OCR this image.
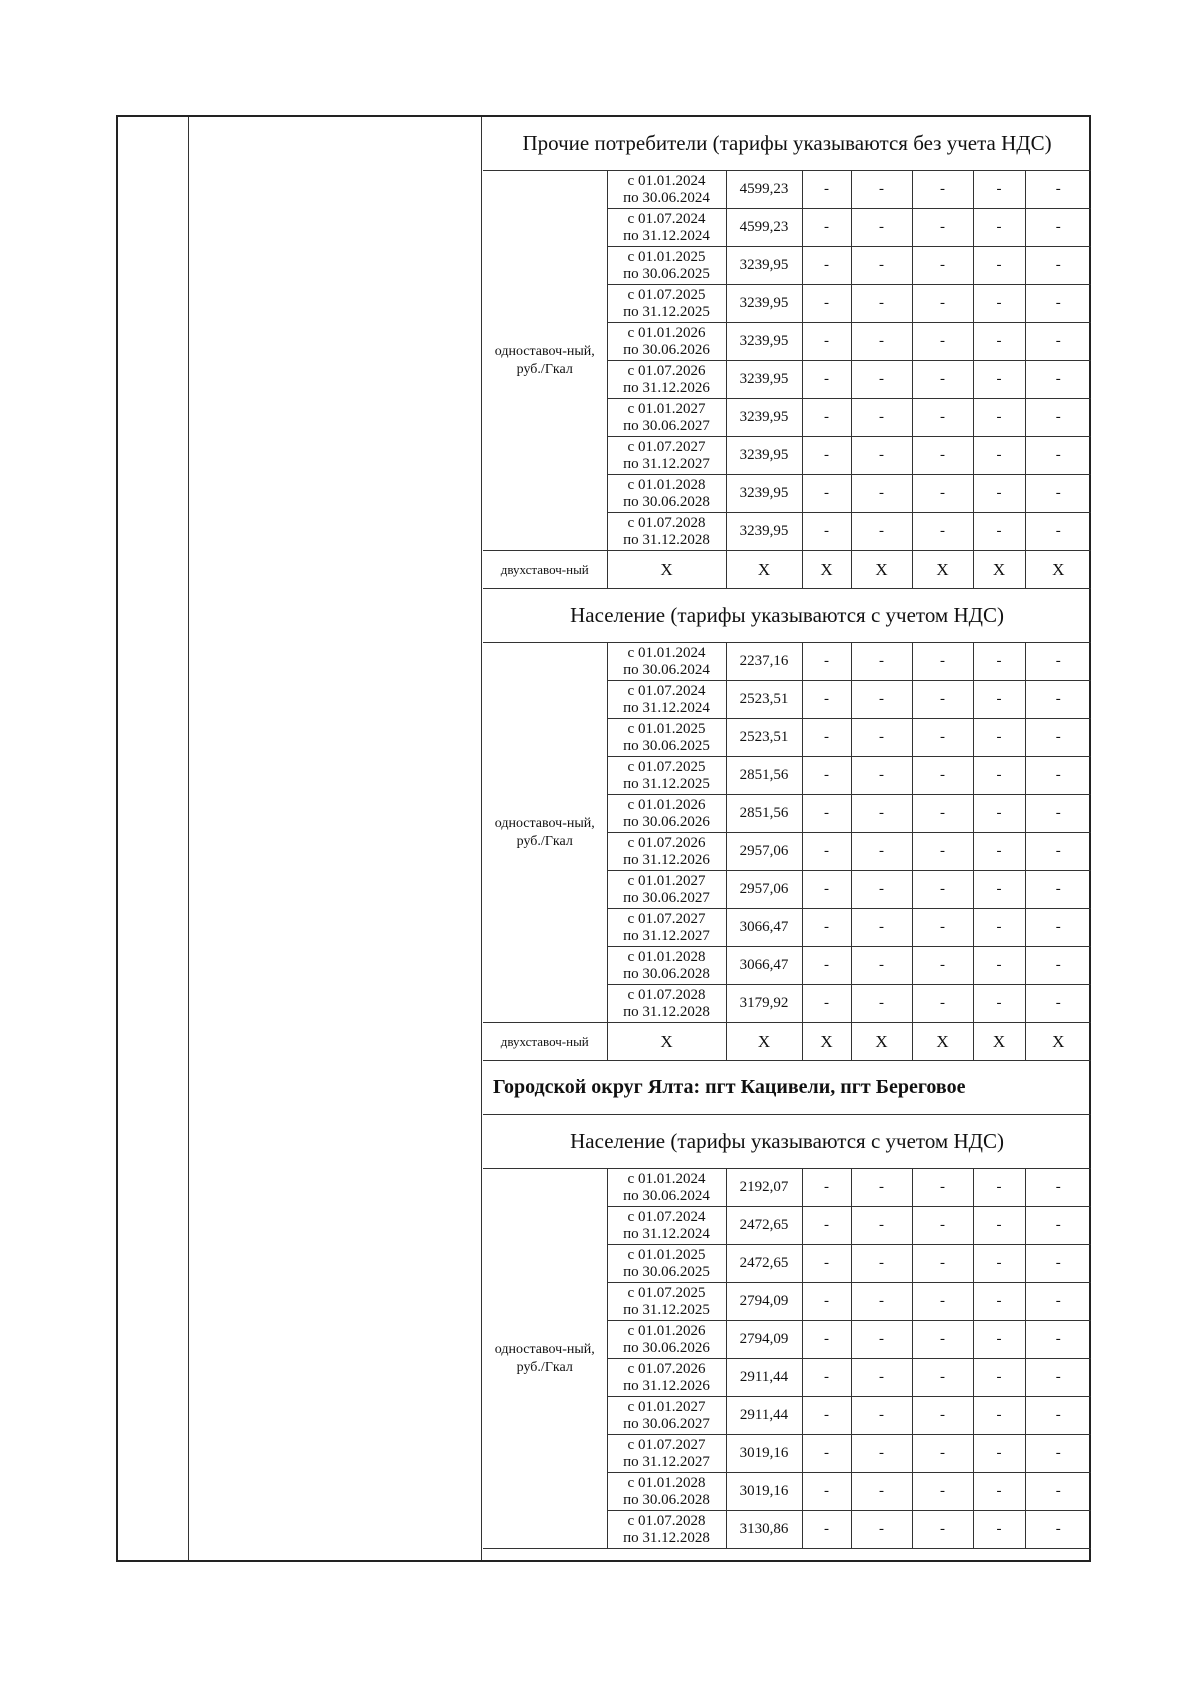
Прочие потребители (тарифы указываются без учета НДС)							
одноставоч-ный, руб./Гкал	с 01.01.2024
по 30.06.2024	4599,23	-	-	-	-	-
	с 01.07.2024
по 31.12.2024	4599,23	-	-	-	-	-
	с 01.01.2025
по 30.06.2025	3239,95	-	-	-	-	-
	с 01.07.2025
по 31.12.2025	3239,95	-	-	-	-	-
	с 01.01.2026
по 30.06.2026	3239,95	-	-	-	-	-
	с 01.07.2026
по 31.12.2026	3239,95	-	-	-	-	-
	с 01.01.2027
по 30.06.2027	3239,95	-	-	-	-	-
	с 01.07.2027
по 31.12.2027	3239,95	-	-	-	-	-
	с 01.01.2028
по 30.06.2028	3239,95	-	-	-	-	-
	с 01.07.2028
по 31.12.2028	3239,95	-	-	-	-	-
двухставоч-ный	X	X	X	X	X	X	X
Население (тарифы указываются с учетом НДС)							
одноставоч-ный, руб./Гкал	с 01.01.2024
по 30.06.2024	2237,16	-	-	-	-	-
	с 01.07.2024
по 31.12.2024	2523,51	-	-	-	-	-
	с 01.01.2025
по 30.06.2025	2523,51	-	-	-	-	-
	с 01.07.2025
по 31.12.2025	2851,56	-	-	-	-	-
	с 01.01.2026
по 30.06.2026	2851,56	-	-	-	-	-
	с 01.07.2026
по 31.12.2026	2957,06	-	-	-	-	-
	с 01.01.2027
по 30.06.2027	2957,06	-	-	-	-	-
	с 01.07.2027
по 31.12.2027	3066,47	-	-	-	-	-
	с 01.01.2028
по 30.06.2028	3066,47	-	-	-	-	-
	с 01.07.2028
по 31.12.2028	3179,92	-	-	-	-	-
двухставоч-ный	X	X	X	X	X	X	X
Городской округ Ялта: пгт Кацивели, пгт Береговое							
Население (тарифы указываются с учетом НДС)							
одноставоч-ный, руб./Гкал	с 01.01.2024
по 30.06.2024	2192,07	-	-	-	-	-
	с 01.07.2024
по 31.12.2024	2472,65	-	-	-	-	-
	с 01.01.2025
по 30.06.2025	2472,65	-	-	-	-	-
	с 01.07.2025
по 31.12.2025	2794,09	-	-	-	-	-
	с 01.01.2026
по 30.06.2026	2794,09	-	-	-	-	-
	с 01.07.2026
по 31.12.2026	2911,44	-	-	-	-	-
	с 01.01.2027
по 30.06.2027	2911,44	-	-	-	-	-
	с 01.07.2027
по 31.12.2027	3019,16	-	-	-	-	-
	с 01.01.2028
по 30.06.2028	3019,16	-	-	-	-	-
	с 01.07.2028
по 31.12.2028	3130,86	-	-	-	-	-
